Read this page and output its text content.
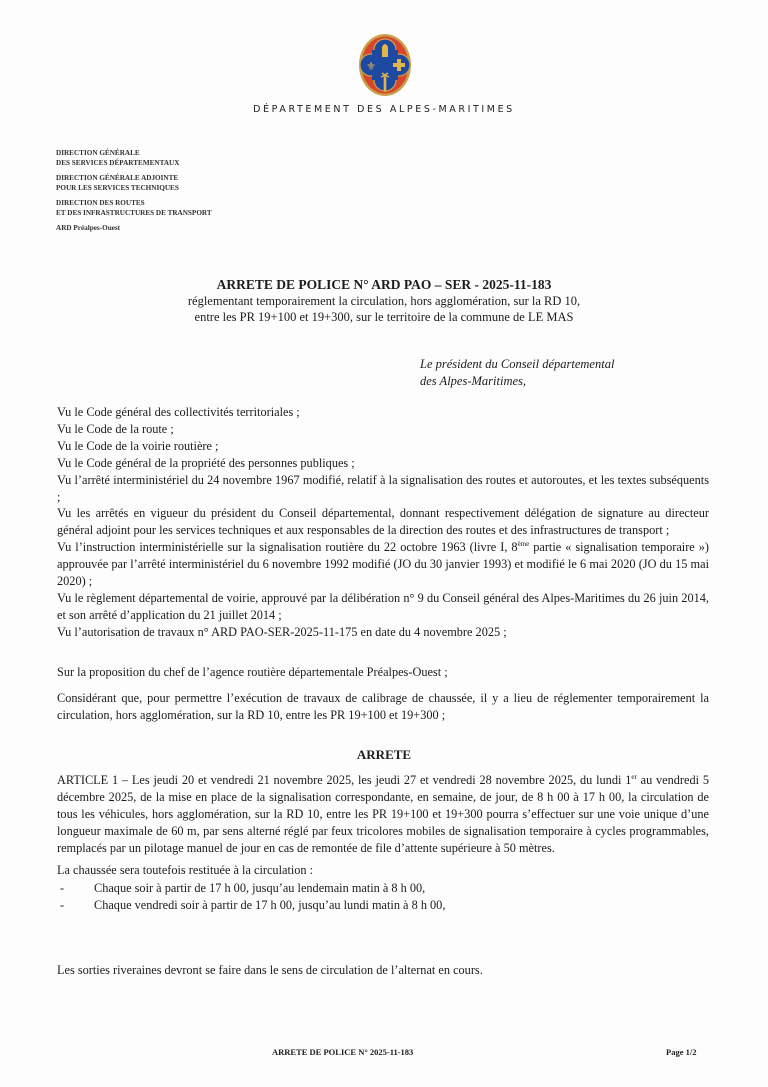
⚜
DÉPARTEMENT DES ALPES-MARITIMES
DIRECTION GÉNÉRALE
DES SERVICES DÉPARTEMENTAUX
DIRECTION GÉNÉRALE ADJOINTE
POUR LES SERVICES TECHNIQUES
DIRECTION DES ROUTES
ET DES INFRASTRUCTURES DE TRANSPORT
ARD Préalpes-Ouest
ARRETE DE POLICE N° ARD PAO – SER - 2025-11-183
réglementant temporairement la circulation, hors agglomération, sur la RD 10,
entre les PR 19+100 et 19+300, sur le territoire de la commune de LE MAS
Le président du Conseil départemental
des Alpes-Maritimes,

Vu le Code général des collectivités territoriales ;

Vu le Code de la route ;

Vu le Code de la voirie routière ;

Vu le Code général de la propriété des personnes publiques ;

Vu l’arrêté interministériel du 24 novembre 1967 modifié, relatif à la signalisation des routes et autoroutes, et les textes subséquents ;

Vu les arrêtés en vigueur du président du Conseil départemental, donnant respectivement délégation de signature au directeur général adjoint pour les services techniques et aux responsables de la direction des routes et des infrastructures de transport ;

Vu l’instruction interministérielle sur la signalisation routière du 22 octobre 1963 (livre I, 8ème partie « signalisation temporaire ») approuvée par l’arrêté interministériel du 6 novembre 1992 modifié (JO du 30 janvier 1993) et modifié le 6 mai 2020 (JO du 15 mai 2020) ;

Vu le règlement départemental de voirie, approuvé par la délibération n° 9 du Conseil général des Alpes-Maritimes du 26 juin 2014, et son arrêté d’application du 21 juillet 2014 ;

Vu l’autorisation de travaux n° ARD PAO-SER-2025-11-175 en date du 4 novembre 2025 ;

Sur la proposition du chef de l’agence routière départementale Préalpes-Ouest ;
Considérant que, pour permettre l’exécution de travaux de calibrage de chaussée, il y a lieu de réglementer temporairement la circulation, hors agglomération, sur la RD 10, entre les PR 19+100 et 19+300 ;
ARRETE
ARTICLE 1 – Les jeudi 20 et vendredi 21 novembre 2025, les jeudi 27 et vendredi 28 novembre 2025, du lundi 1er au vendredi 5 décembre 2025, de la mise en place de la signalisation correspondante, en semaine, de jour, de 8 h 00 à 17 h 00, la circulation de tous les véhicules, hors agglomération, sur la RD 10, entre les PR 19+100 et 19+300 pourra s’effectuer sur une voie unique d’une longueur maximale de 60 m, par sens alterné réglé par feux tricolores mobiles de signalisation temporaire à cycles programmables, remplacés par un pilotage manuel de jour en cas de remontée de file d’attente supérieure à 50 mètres.
La chaussée sera toutefois restituée à la circulation :
-	Chaque soir à partir de 17 h 00, jusqu’au lendemain matin à 8 h 00,
-	Chaque vendredi soir à partir de 17 h 00, jusqu’au lundi matin à 8 h 00,
Les sorties riveraines devront se faire dans le sens de circulation de l’alternat en cours.
ARRETE DE POLICE N° 2025-11-183	Page 1/2
